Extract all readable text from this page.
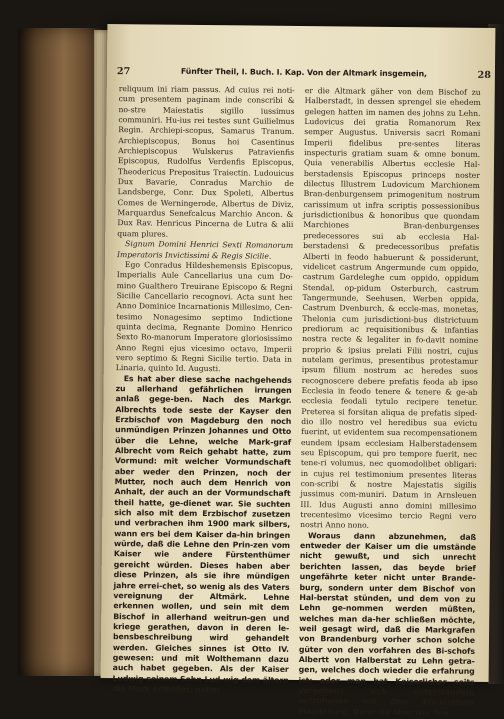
27	Fünfter Theil, I. Buch. I. Kap. Von der Altmark insgemein,	28

reliquum ini riam passus. Ad cuius rei noti-cum presentem paginam inde conscribi & no-stre Maiestatis sigillo iussimus communiri. Hu-ius rei testes sunt Guilielmus Regin. Archiepi-scopus, Samarus Tranum. Archiepiscopus, Bonus hoi Casentinus Archiepiscopus Wulskerus Patravienfis Episcopus, Rudolfus Verdenfis Episcopus, Theodericus Prepositus Traiectin. Ludouicus Dux Bavarie, Conradus Marchio de Landsberge, Conr. Dux Spoleti, Albertus Comes de Werningerode, Albertus de Diviz, Marquardus Senefcalcus Marchio Ancon. & Dux Rav. Henricus Pincerna de Lutra & alii quam plures.

Signum Domini Henrici Sexti Romanorum Imperatoris Invictissimi & Regis Sicilie.

Ego Conradus Hildeshemensis Episcopus, Imperialis Aule Cancellarius una cum Do-mino Gualthero Treuirane Episcopo & Regni Sicilie Cancellario recognovi. Acta sunt hec Anno Dominice Incarnationis Millesimo, Cen-tesimo Nonagesimo septimo Indictione quinta decima, Regnante Domino Henrico Sexto Ro-manorum Imperatore gloriosissimo Anno Regni ejus vicesimo octavo, Imperii vero septimo & Regni Sicilie tertio. Data in Linaria, quinto Id. Augusti.

Es hat aber diese sache nachgehends zu allerhand gefährlichen irrungen anlaß gege-ben. Nach des Markgr. Albrechts tode seste der Kayser den Erzbischof von Magdeburg den noch unmündigen Prinzen Johannes und Otto über die Lehne, welche Mark-graf Albrecht vom Reich gehabt hatte, zum Vormund: mit welcher Vormundschaft aber weder den Prinzen, noch der Mutter, noch auch dem Henrich von Anhalt, der auch an der Vormundschaft theil hatte, ge-dienet war. Sie suchten sich also mit dem Erzbischof zusetzen und verbrachen ihm 1900 mark silbers, wann ers bei dem Kaiser da-hin bringen würde, daß die Lehne den Prin-zen vom Kaiser wie andere Fürstenthümer gereicht würden. Dieses haben aber diese Prinzen, als sie ihre mündigen jahre errei-chet, so wenig als des Vaters vereignung der Altmärk. Lehne erkennen wollen, und sein mit dem Bischof in allerhand weitrun-gen und kriege gerathen, davon in deren le-bensbeschreibung wird gehandelt werden. Gleiches sinnes ist Otto IV. gewesen: und mit Wolthemann dazu auch habet gegeben. Als der Kaiser Ludwig seinem Sohn Lud-wig dem ältern die Mark ertheilet, nahm

er die Altmark gäher von dem Bischof zu Halberstadt, in dessen sprengel sie ehedem gelegen hatten im namen des johns zu Lehn. Ludovicus dei gratia Romanorum Rex semper Augustus. Universis sacri Romani Imperii fidelibus pre-sentes literas inspecturis gratiam suam & omne bonum. Quia venerabilis Albertus ecclesie Hal-berstadensis Episcopus princeps noster dilectus Illustrem Ludovicum Marchionem Bran-denburgensem primogenitum nostrum carissimum ut infra scriptis possessionibus jurisdictionibus & honoribus que quondam Marchiones Bran-denburgenses predecessores sui ab ecclesia Hal-berstadensi & predecessoribus prefatis Alberti in feodo habuerunt & possiderunt, videlicet castrum Angermunde cum oppido, castrum Gardeleghe cum oppido, oppidum Stendal, op-pidum Osterburch, castrum Tangermunde, Seehusen, Werben oppida, Castrum Dvenburch, & eccle-mas, monetas, Thelonia cum jurisdictioni-bus districtuum prediorum ac requisitionibus & infantias nostra recte & legaliter in fo-davit nomine proprio & ipsius prelati Filii nostri, cujus nutelam gerimus, presentibus protestamur ipsum filium nostrum ac heredes suos recognoscere debere prefatis feoda ab ipso Ecclesia in feodo tenere & tenere & ge-ab ecclesia feodali tytulo recipere tenetur. Preterea si forsitan aliqua de prefatis siped-dio illo nostro vel heredibus sua evictu fuerint, ut evidentem sua recompensationem eundem ipsam ecclesiam Halberstadensem seu Episcopum, qui pro tempore fuerit, nec tene-ri volumus, nec quomodolibet obligari: in cujus rei testimonium presentes literas con-scribi & nostre Majestatis sigilis jussimus com-muniri. Datum in Arnsleuen III. Idus Augusti anno domini millesimo trecentesimo vicesimo tercio Regni vero nostri Anno nono.

Woraus dann abzunehmen, daß entweder der Kaiser um die umstände nicht gewußt, und sich unrecht berichten lassen, das beyde brief ungefährte keter nicht unter Brande-burg, sondern unter dem Bischof von Hal-berstat stünden, und dem von zu Lehn ge-nommen werden müßten, welches man da-her schließen möchte, weil gesagt wird, daß die Markgrafen von Brandenburg vorher schon solche güter von den vorfahren des Bi-schofs Albertt von Halberstat zu Lehn getra-gen, welches doch wieder die erfahrung ist: oder man hat Kaiserlicher seits vergebens sich unterstanden, aufzuheben mit dem Erz-bisthum Magdeburg. Denn sie aber wie ihm
